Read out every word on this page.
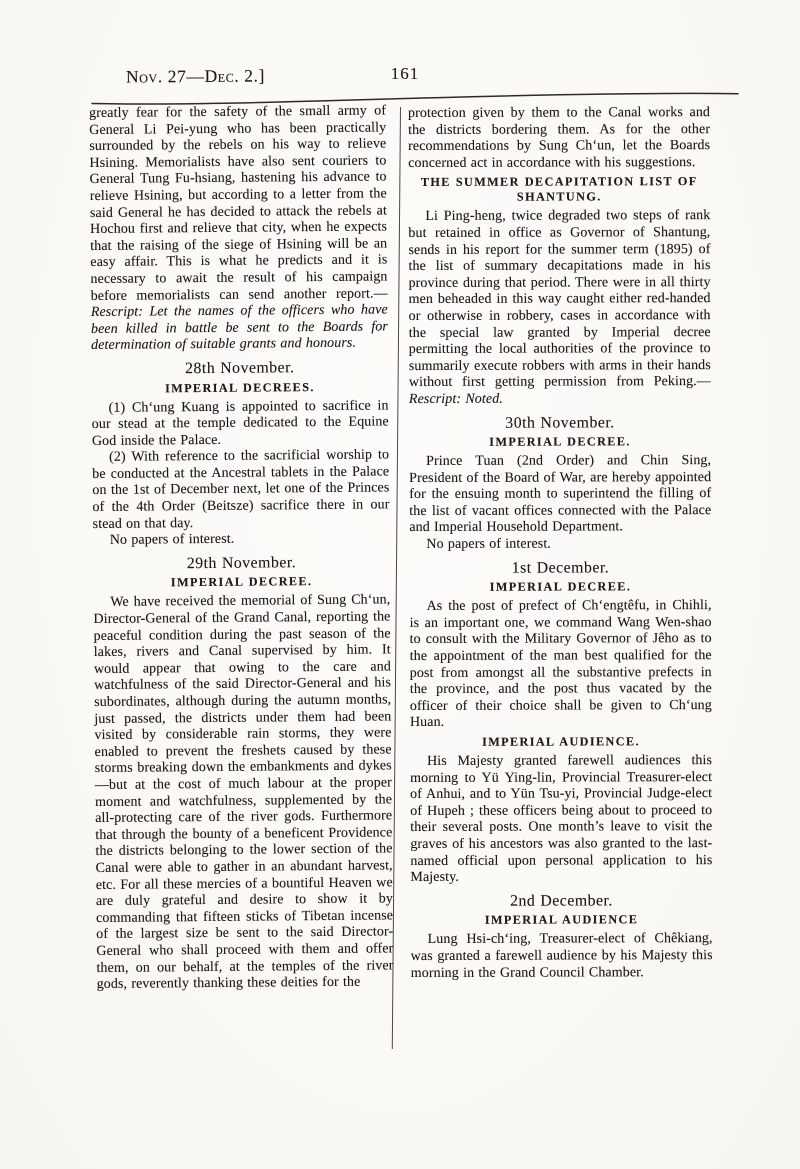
Nov. 27—Dec. 2.]	161

greatly fear for the safety of the small army of General Li Pei-yung who has been practically surrounded by the rebels on his way to relieve Hsining. Memorialists have also sent couriers to General Tung Fu-hsiang, hastening his advance to relieve Hsining, but according to a letter from the said General he has decided to attack the rebels at Hochou first and relieve that city, when he expects that the raising of the siege of Hsining will be an easy affair. This is what he predicts and it is necessary to await the result of his campaign before memorialists can send another report.—Rescript: Let the names of the officers who have been killed in battle be sent to the Boards for determination of suitable grants and honours.

28th November.
IMPERIAL DECREES.

(1) Ch‘ung Kuang is appointed to sacrifice in our stead at the temple dedicated to the Equine God inside the Palace.

(2) With reference to the sacrificial worship to be conducted at the Ancestral tablets in the Palace on the 1st of December next, let one of the Princes of the 4th Order (Beitsze) sacrifice there in our stead on that day.

No papers of interest.

29th November.
IMPERIAL DECREE.

We have received the memorial of Sung Ch‘un, Director-General of the Grand Canal, reporting the peaceful condition during the past season of the lakes, rivers and Canal supervised by him. It would appear that owing to the care and watchfulness of the said Director-General and his subordinates, although during the autumn months, just passed, the districts under them had been visited by considerable rain storms, they were enabled to prevent the freshets caused by these storms breaking down the embankments and dykes —but at the cost of much labour at the proper moment and watchfulness, supplemented by the all-protecting care of the river gods. Furthermore that through the bounty of a beneficent Providence the districts belonging to the lower section of the Canal were able to gather in an abundant harvest, etc. For all these mercies of a bountiful Heaven we are duly grateful and desire to show it by commanding that fifteen sticks of Tibetan incense of the largest size be sent to the said Director-General who shall proceed with them and offer them, on our behalf, at the temples of the river gods, reverently thanking these deities for the

protection given by them to the Canal works and the districts bordering them. As for the other recommendations by Sung Ch‘un, let the Boards concerned act in accordance with his suggestions.

THE SUMMER DECAPITATION LIST OF SHANTUNG.

Li Ping-heng, twice degraded two steps of rank but retained in office as Governor of Shantung, sends in his report for the summer term (1895) of the list of summary decapitations made in his province during that period. There were in all thirty men beheaded in this way caught either red-handed or otherwise in robbery, cases in accordance with the special law granted by Imperial decree permitting the local authorities of the province to summarily execute robbers with arms in their hands without first getting permission from Peking.—Rescript: Noted.

30th November.
IMPERIAL DECREE.

Prince Tuan (2nd Order) and Chin Sing, President of the Board of War, are hereby appointed for the ensuing month to superintend the filling of the list of vacant offices connected with the Palace and Imperial Household Department.

No papers of interest.

1st December.
IMPERIAL DECREE.

As the post of prefect of Ch‘engtêfu, in Chihli, is an important one, we command Wang Wen-shao to consult with the Military Governor of Jêho as to the appointment of the man best qualified for the post from amongst all the substantive prefects in the province, and the post thus vacated by the officer of their choice shall be given to Ch‘ung Huan.

IMPERIAL AUDIENCE.

His Majesty granted farewell audiences this morning to Yü Ying-lin, Provincial Treasurer-elect of Anhui, and to Yün Tsu-yi, Provincial Judge-elect of Hupeh ; these officers being about to proceed to their several posts. One month’s leave to visit the graves of his ancestors was also granted to the last-named official upon personal application to his Majesty.

2nd December.
IMPERIAL AUDIENCE

Lung Hsi-ch‘ing, Treasurer-elect of Chêkiang, was granted a farewell audience by his Majesty this morning in the Grand Council Chamber.
